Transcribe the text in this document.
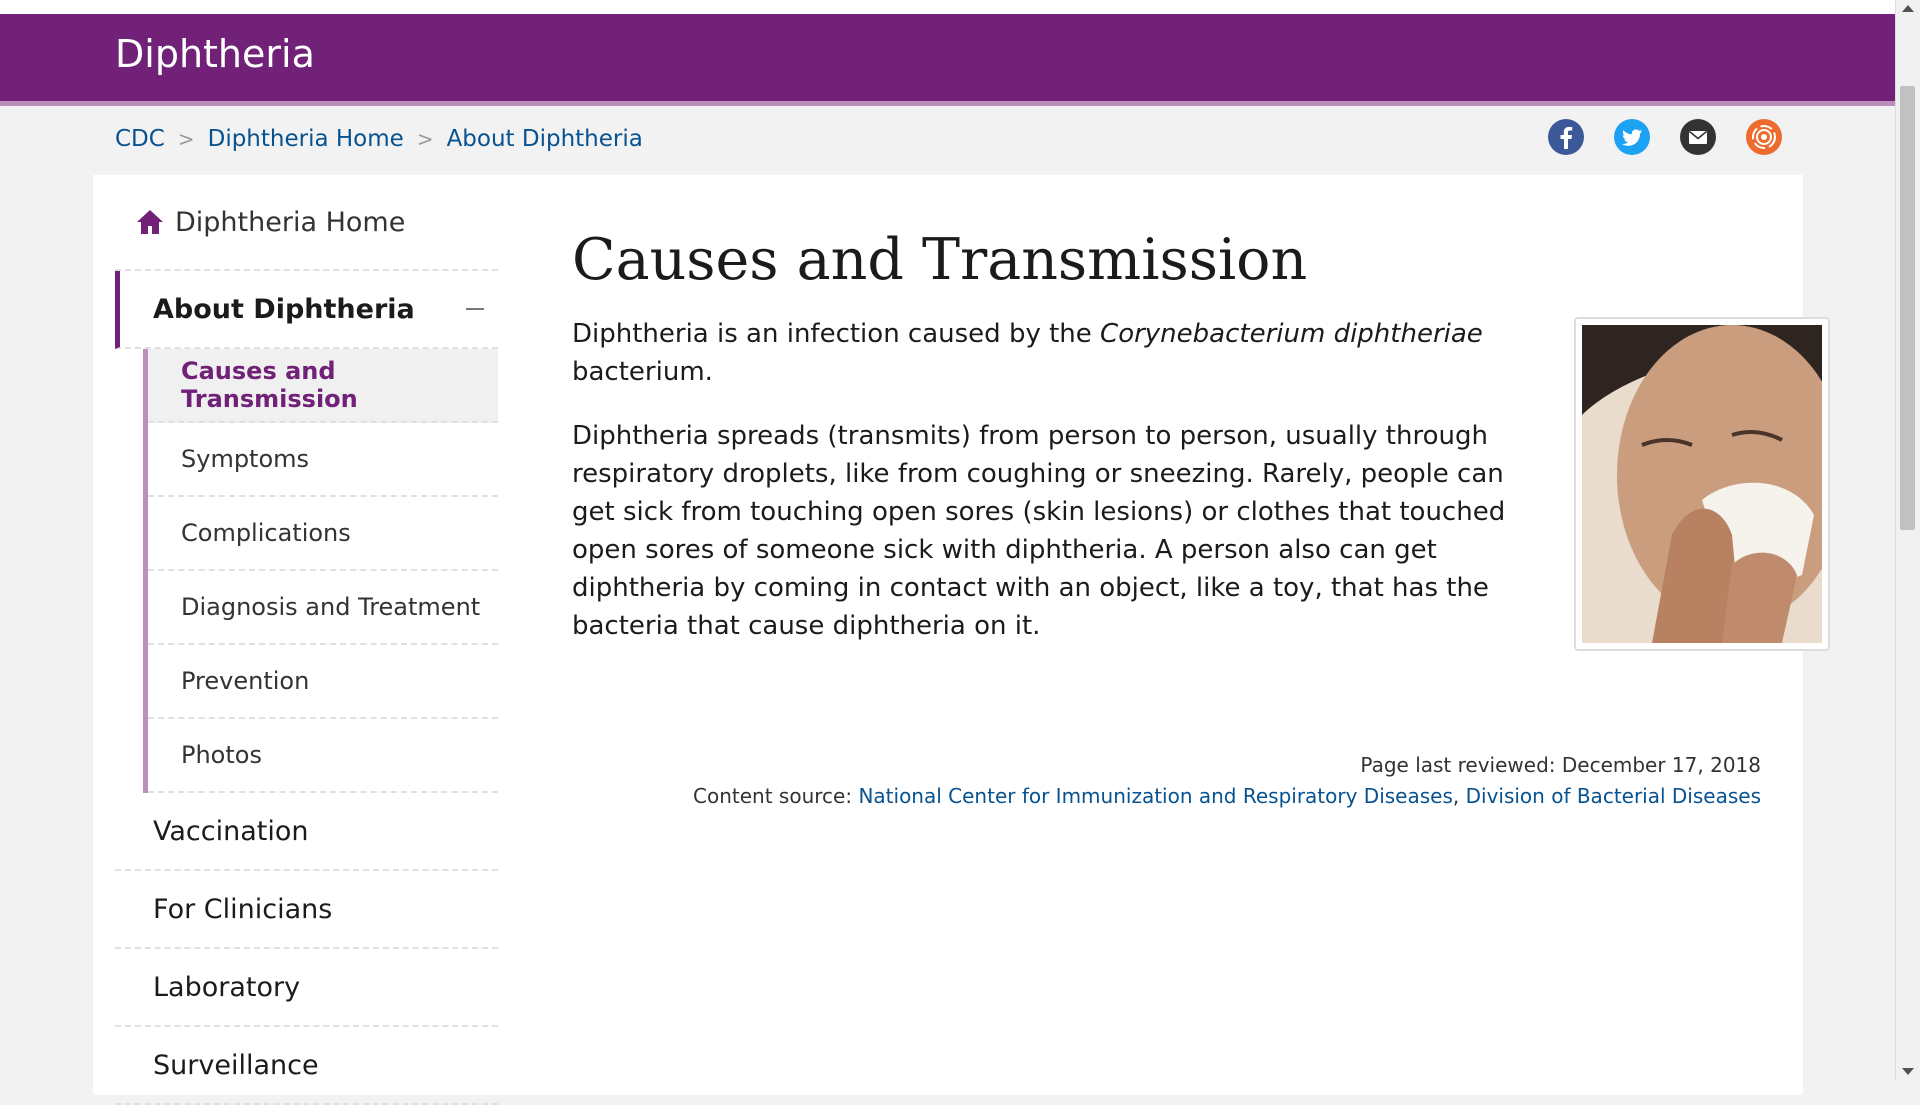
Diphtheria
CDC > Diphtheria Home > About Diphtheria
Diphtheria Home
About Diphtheria
Causes and Transmission
Symptoms
Complications
Diagnosis and Treatment
Prevention
Photos
Vaccination
For Clinicians
Laboratory
Surveillance
Causes and Transmission

Diphtheria is an infection caused by the Corynebacterium diphtheriae bacterium.

Diphtheria spreads (transmits) from person to person, usually through respiratory droplets, like from coughing or sneezing. Rarely, people can get sick from touching open sores (skin lesions) or clothes that touched open sores of someone sick with diphtheria. A person also can get diphtheria by coming in contact with an object, like a toy, that has the bacteria that cause diphtheria on it.

Page last reviewed: December 17, 2018
Content source: National Center for Immunization and Respiratory Diseases, Division of Bacterial Diseases
